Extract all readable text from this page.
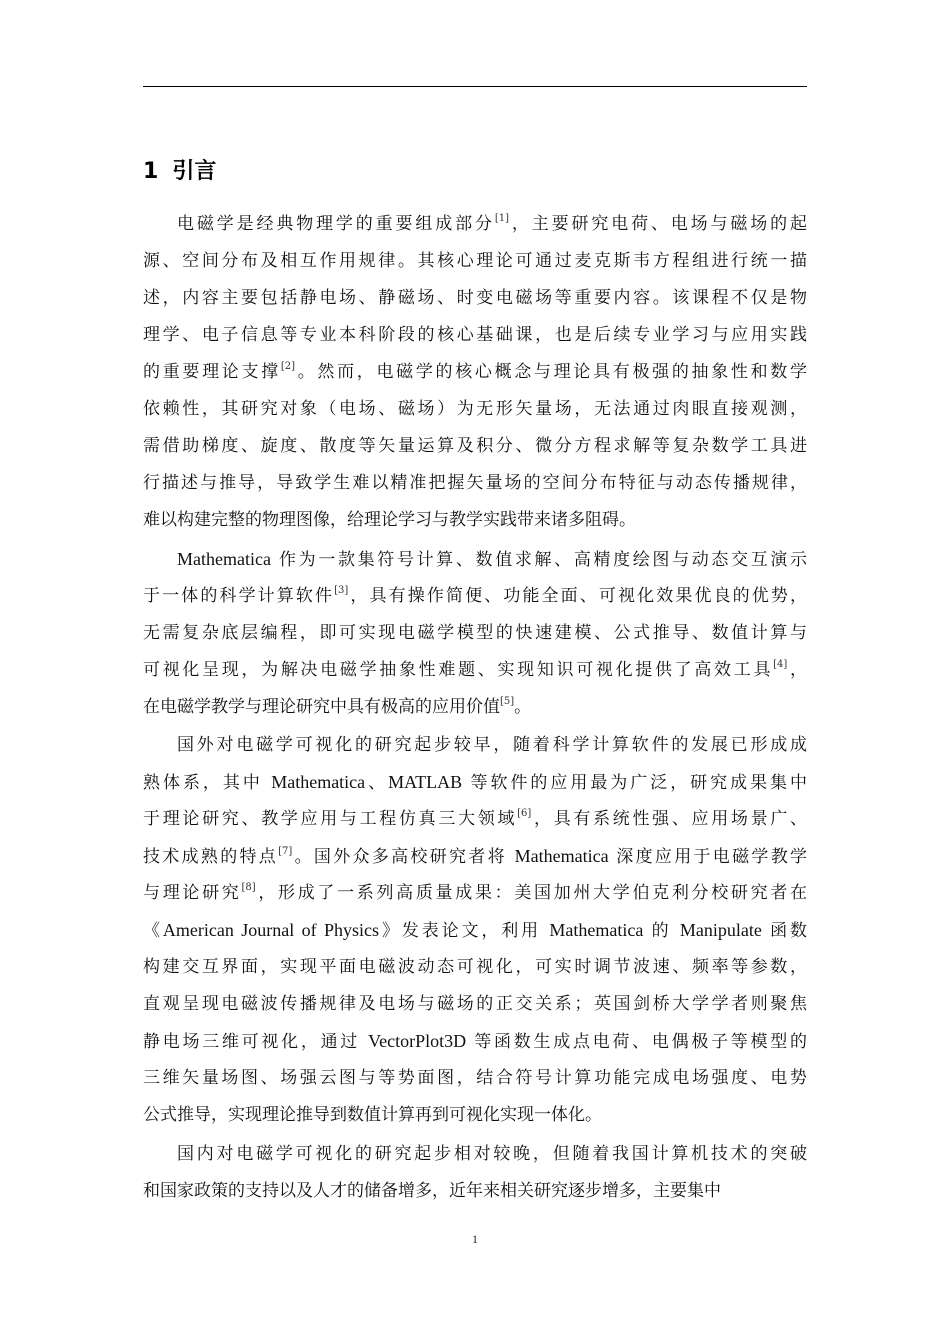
1 引言
电磁学是经典物理学的重要组成部分[1]，主要研究电荷、电场与磁场的起
源、空间分布及相互作用规律。其核心理论可通过麦克斯韦方程组进行统一描
述，内容主要包括静电场、静磁场、时变电磁场等重要内容。该课程不仅是物
理学、电子信息等专业本科阶段的核心基础课，也是后续专业学习与应用实践
的重要理论支撑[2]。然而，电磁学的核心概念与理论具有极强的抽象性和数学
依赖性，其研究对象（电场、磁场）为无形矢量场，无法通过肉眼直接观测，
需借助梯度、旋度、散度等矢量运算及积分、微分方程求解等复杂数学工具进
行描述与推导，导致学生难以精准把握矢量场的空间分布特征与动态传播规律，
难以构建完整的物理图像，给理论学习与教学实践带来诸多阻碍。
Mathematica 作为一款集符号计算、数值求解、高精度绘图与动态交互演示
于一体的科学计算软件[3]，具有操作简便、功能全面、可视化效果优良的优势，
无需复杂底层编程，即可实现电磁学模型的快速建模、公式推导、数值计算与
可视化呈现，为解决电磁学抽象性难题、实现知识可视化提供了高效工具[4]，
在电磁学教学与理论研究中具有极高的应用价值[5]。
国外对电磁学可视化的研究起步较早，随着科学计算软件的发展已形成成
熟体系，其中 Mathematica、MATLAB 等软件的应用最为广泛，研究成果集中
于理论研究、教学应用与工程仿真三大领域[6]，具有系统性强、应用场景广、
技术成熟的特点[7]。国外众多高校研究者将 Mathematica 深度应用于电磁学教学
与理论研究[8]，形成了一系列高质量成果：美国加州大学伯克利分校研究者在
《American Journal of Physics》发表论文，利用 Mathematica 的 Manipulate 函数
构建交互界面，实现平面电磁波动态可视化，可实时调节波速、频率等参数，
直观呈现电磁波传播规律及电场与磁场的正交关系；英国剑桥大学学者则聚焦
静电场三维可视化，通过 VectorPlot3D 等函数生成点电荷、电偶极子等模型的
三维矢量场图、场强云图与等势面图，结合符号计算功能完成电场强度、电势
公式推导，实现理论推导到数值计算再到可视化实现一体化。
国内对电磁学可视化的研究起步相对较晚，但随着我国计算机技术的突破
和国家政策的支持以及人才的储备增多，近年来相关研究逐步增多，主要集中
1
